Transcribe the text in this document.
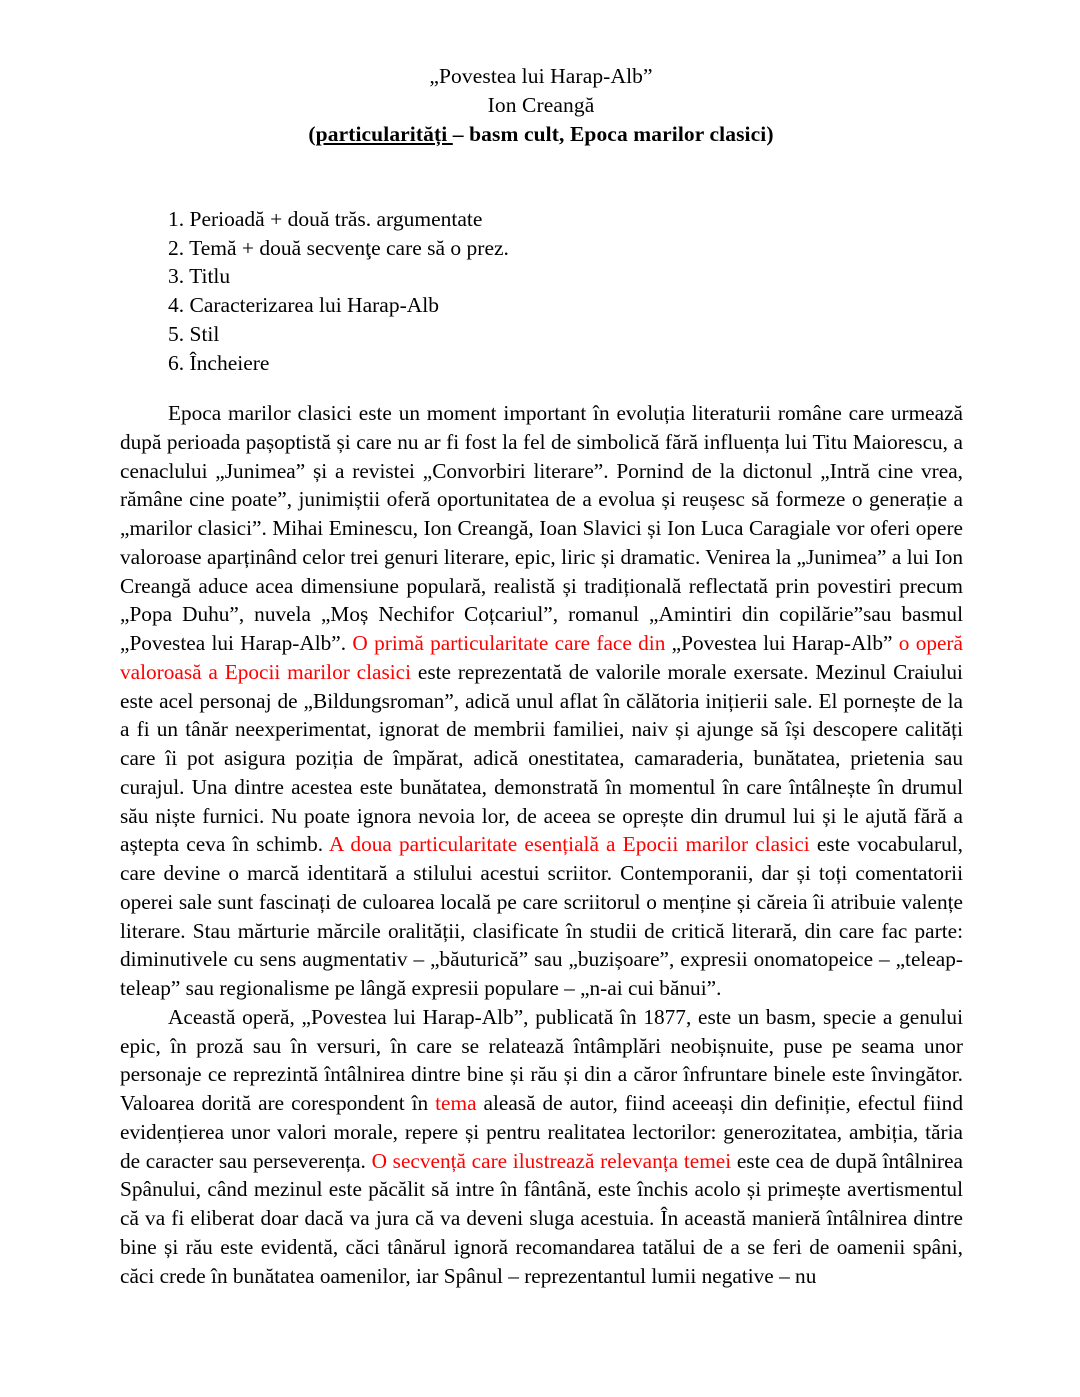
„Povestea lui Harap-Alb”
Ion Creangă
(particularități – basm cult, Epoca marilor clasici)
1. Perioadă + două trăs. argumentate
2. Temă + două secvenţe care să o prez.
3. Titlu
4. Caracterizarea lui Harap-Alb
5. Stil
6. Încheiere

Epoca marilor clasici este un moment important în evoluția literaturii române care urmează după perioada pașoptistă și care nu ar fi fost la fel de simbolică fără influența lui Titu Maiorescu, a cenaclului „Junimea” și a revistei „Convorbiri literare”. Pornind de la dictonul „Intră cine vrea, rămâne cine poate”, junimiștii oferă oportunitatea de a evolua și reușesc să formeze o generație a „marilor clasici”. Mihai Eminescu, Ion Creangă, Ioan Slavici și Ion Luca Caragiale vor oferi opere valoroase aparținând celor trei genuri literare, epic, liric și dramatic. Venirea la „Junimea” a lui Ion Creangă aduce acea dimensiune populară, realistă și tradițională reflectată prin povestiri precum „Popa Duhu”, nuvela „Moș Nechifor Coțcariul”, romanul „Amintiri din copilărie”sau basmul „Povestea lui Harap-Alb”. O primă particularitate care face din „Povestea lui Harap-Alb” o operă valoroasă a Epocii marilor clasici este reprezentată de valorile morale exersate. Mezinul Craiului este acel personaj de „Bildungsroman”, adică unul aflat în călătoria inițierii sale. El pornește de la a fi un tânăr neexperimentat, ignorat de membrii familiei, naiv și ajunge să își descopere calități care îi pot asigura poziția de împărat, adică onestitatea, camaraderia, bunătatea, prietenia sau curajul. Una dintre acestea este bunătatea, demonstrată în momentul în care întâlnește în drumul său niște furnici. Nu poate ignora nevoia lor, de aceea se oprește din drumul lui și le ajută fără a aștepta ceva în schimb. A doua particularitate esențială a Epocii marilor clasici este vocabularul, care devine o marcă identitară a stilului acestui scriitor. Contemporanii, dar și toți comentatorii operei sale sunt fascinați de culoarea locală pe care scriitorul o menține și căreia îi atribuie valențe literare. Stau mărturie mărcile oralității, clasificate în studii de critică literară, din care fac parte: diminutivele cu sens augmentativ – „băuturică” sau „buzișoare”, expresii onomatopeice – „teleap-teleap” sau regionalisme pe lângă expresii populare – „n-ai cui bănui”.

Această operă, „Povestea lui Harap-Alb”, publicată în 1877, este un basm, specie a genului epic, în proză sau în versuri, în care se relatează întâmplări neobișnuite, puse pe seama unor personaje ce reprezintă întâlnirea dintre bine și rău și din a căror înfruntare binele este învingător. Valoarea dorită are corespondent în tema aleasă de autor, fiind aceeași din definiție, efectul fiind evidențierea unor valori morale, repere și pentru realitatea lectorilor: generozitatea, ambiția, tăria de caracter sau perseverența. O secvență care ilustrează relevanța temei este cea de după întâlnirea Spânului, când mezinul este păcălit să intre în fântână, este închis acolo și primește avertismentul că va fi eliberat doar dacă va jura că va deveni sluga acestuia. În această manieră întâlnirea dintre bine și rău este evidentă, căci tânărul ignoră recomandarea tatălui de a se feri de oamenii spâni, căci crede în bunătatea oamenilor, iar Spânul – reprezentantul lumii negative – nu
